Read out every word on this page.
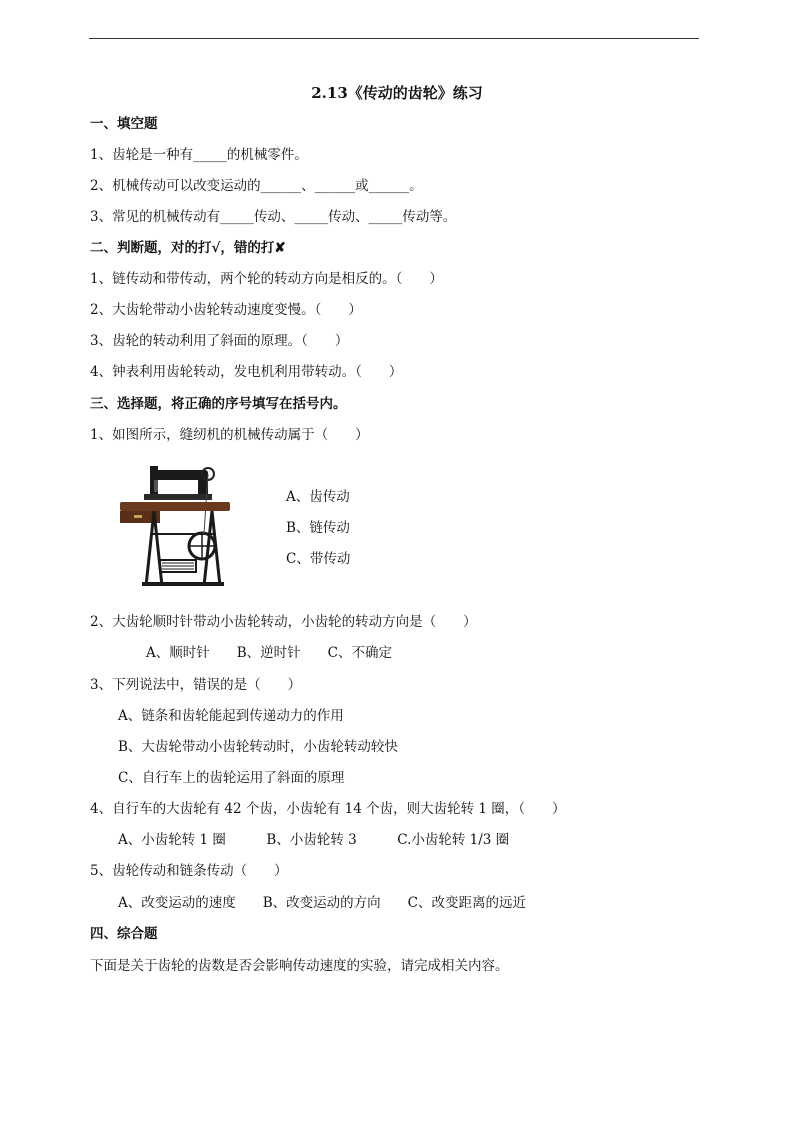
2.13《传动的齿轮》练习
一、填空题
1、齿轮是一种有_____的机械零件。
2、机械传动可以改变运动的______、______或______。
3、常见的机械传动有_____传动、_____传动、_____传动等。
二、判断题，对的打√，错的打✘
1、链传动和带传动，两个轮的转动方向是相反的。（　　）
2、大齿轮带动小齿轮转动速度变慢。（　　）
3、齿轮的转动利用了斜面的原理。（　　）
4、钟表利用齿轮转动，发电机利用带转动。（　　）
三、选择题，将正确的序号填写在括号内。
1、如图所示，缝纫机的机械传动属于（　　）
A、齿传动
B、链传动
C、带传动
2、大齿轮顺时针带动小齿轮转动，小齿轮的转动方向是（　　）
A、顺时针　　B、逆时针　　C、不确定
3、下列说法中，错误的是（　　）
A、链条和齿轮能起到传递动力的作用
B、大齿轮带动小齿轮转动时，小齿轮转动较快
C、自行车上的齿轮运用了斜面的原理
4、自行车的大齿轮有 42 个齿，小齿轮有 14 个齿，则大齿轮转 1 圈，（　　）
A、小齿轮转 1 圈　　　B、小齿轮转 3　　　C.小齿轮转 1/3 圈
5、齿轮传动和链条传动（　　）
A、改变运动的速度　　B、改变运动的方向　　C、改变距离的远近
四、综合题
下面是关于齿轮的齿数是否会影响传动速度的实验，请完成相关内容。
